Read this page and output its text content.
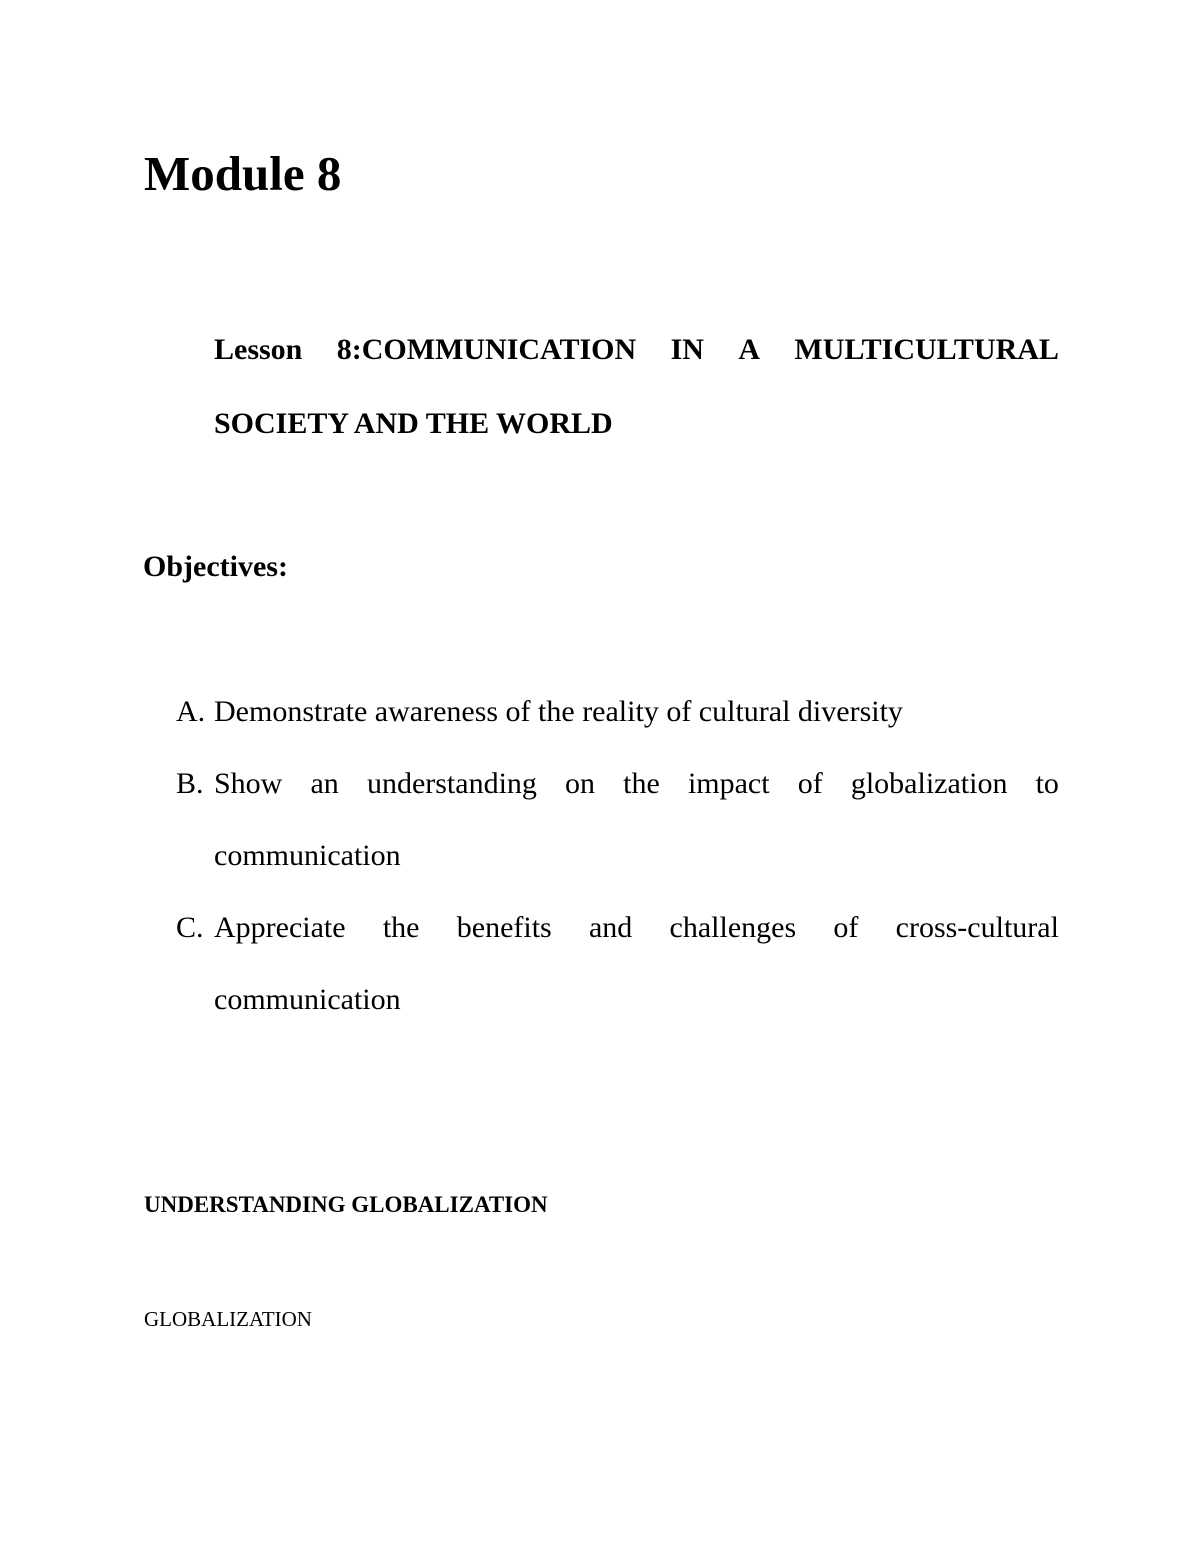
Module 8
Lesson 8:COMMUNICATION IN A MULTICULTURAL
SOCIETY AND THE WORLD
Objectives:
A. Demonstrate awareness of the reality of cultural diversity
B. Show an understanding on the impact of globalization to
communication
C. Appreciate the benefits and challenges of cross-cultural
communication
UNDERSTANDING GLOBALIZATION
GLOBALIZATION
